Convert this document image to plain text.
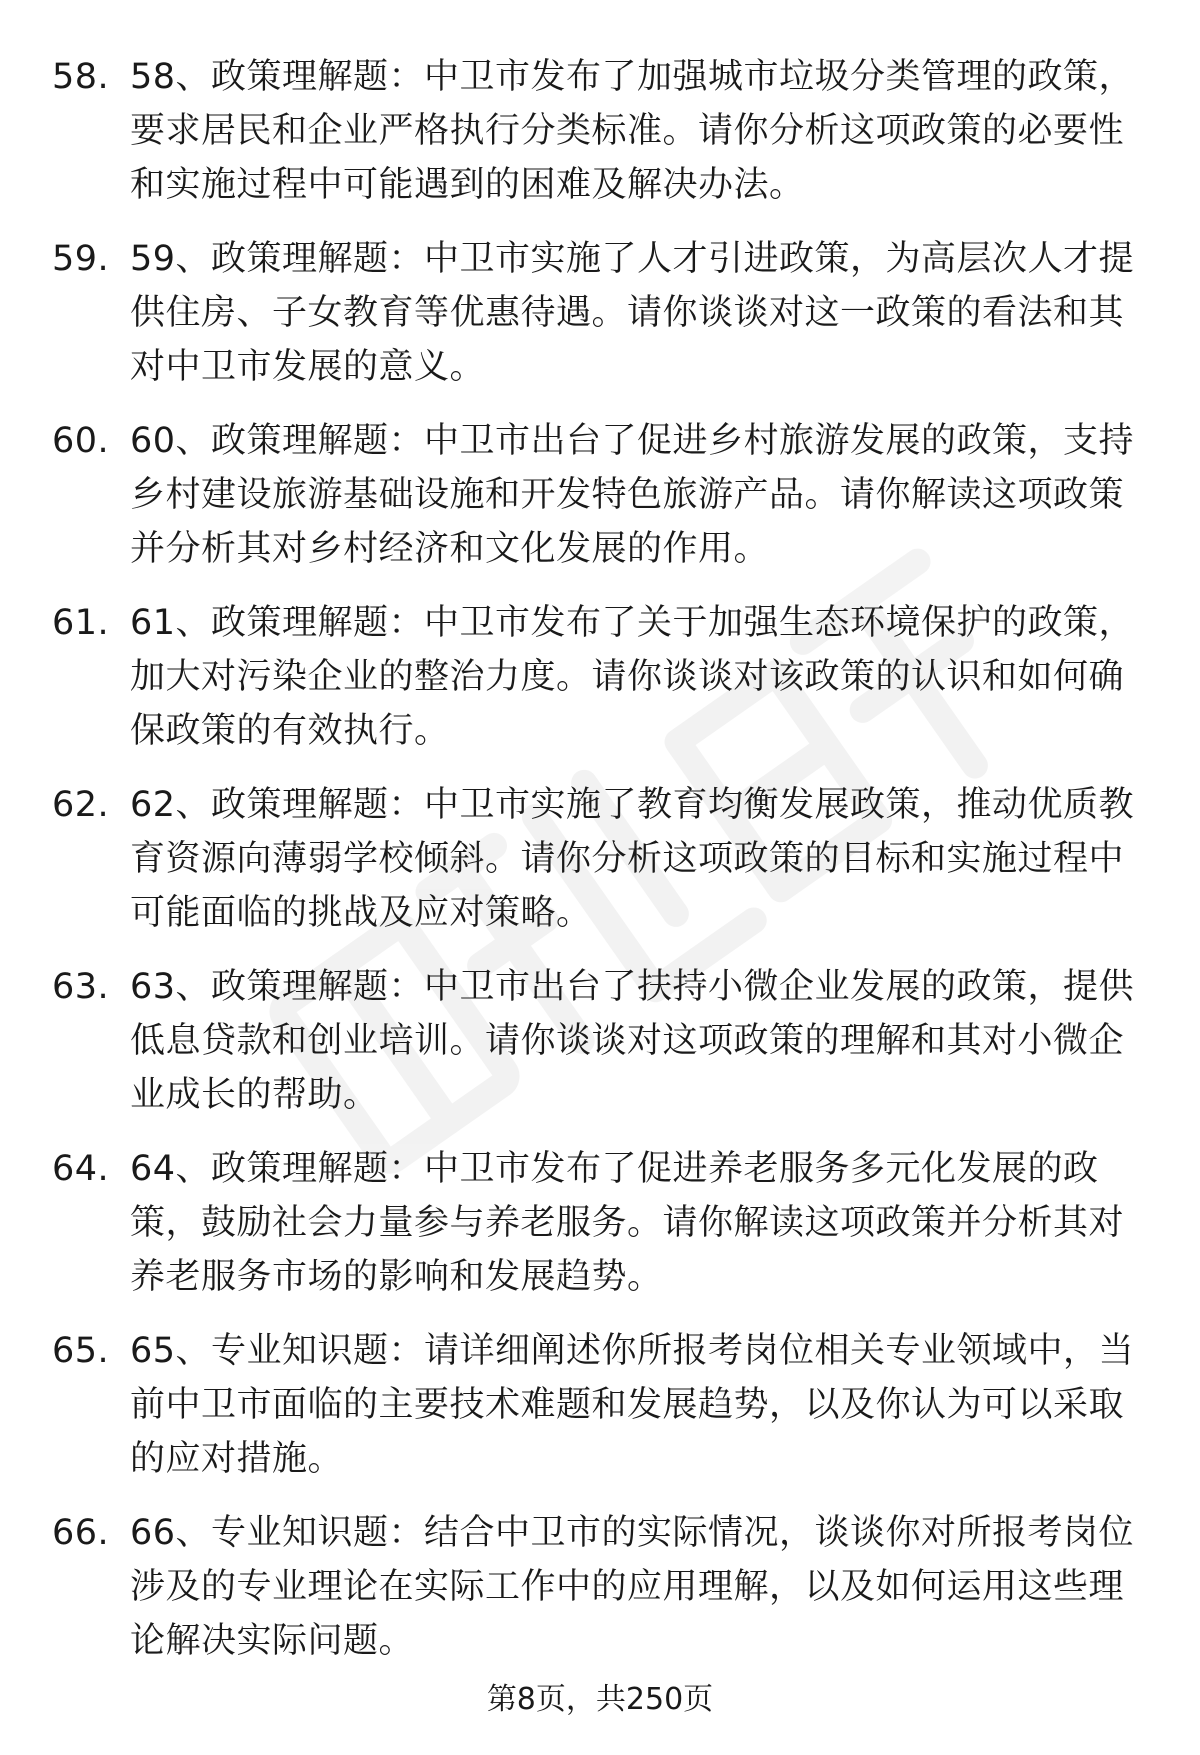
58. 58、政策理解题：中卫市发布了加强城市垃圾分类管理的政策，要求居民和企业严格执行分类标准。请你分析这项政策的必要性和实施过程中可能遇到的困难及解决办法。
59. 59、政策理解题：中卫市实施了人才引进政策，为高层次人才提供住房、子女教育等优惠待遇。请你谈谈对这一政策的看法和其对中卫市发展的意义。
60. 60、政策理解题：中卫市出台了促进乡村旅游发展的政策，支持乡村建设旅游基础设施和开发特色旅游产品。请你解读这项政策并分析其对乡村经济和文化发展的作用。
61. 61、政策理解题：中卫市发布了关于加强生态环境保护的政策，加大对污染企业的整治力度。请你谈谈对该政策的认识和如何确保政策的有效执行。
62. 62、政策理解题：中卫市实施了教育均衡发展政策，推动优质教育资源向薄弱学校倾斜。请你分析这项政策的目标和实施过程中可能面临的挑战及应对策略。
63. 63、政策理解题：中卫市出台了扶持小微企业发展的政策，提供低息贷款和创业培训。请你谈谈对这项政策的理解和其对小微企业成长的帮助。
64. 64、政策理解题：中卫市发布了促进养老服务多元化发展的政策，鼓励社会力量参与养老服务。请你解读这项政策并分析其对养老服务市场的影响和发展趋势。
65. 65、专业知识题：请详细阐述你所报考岗位相关专业领域中，当前中卫市面临的主要技术难题和发展趋势，以及你认为可以采取的应对措施。
66. 66、专业知识题：结合中卫市的实际情况，谈谈你对所报考岗位涉及的专业理论在实际工作中的应用理解，以及如何运用这些理论解决实际问题。
第8页，共250页
